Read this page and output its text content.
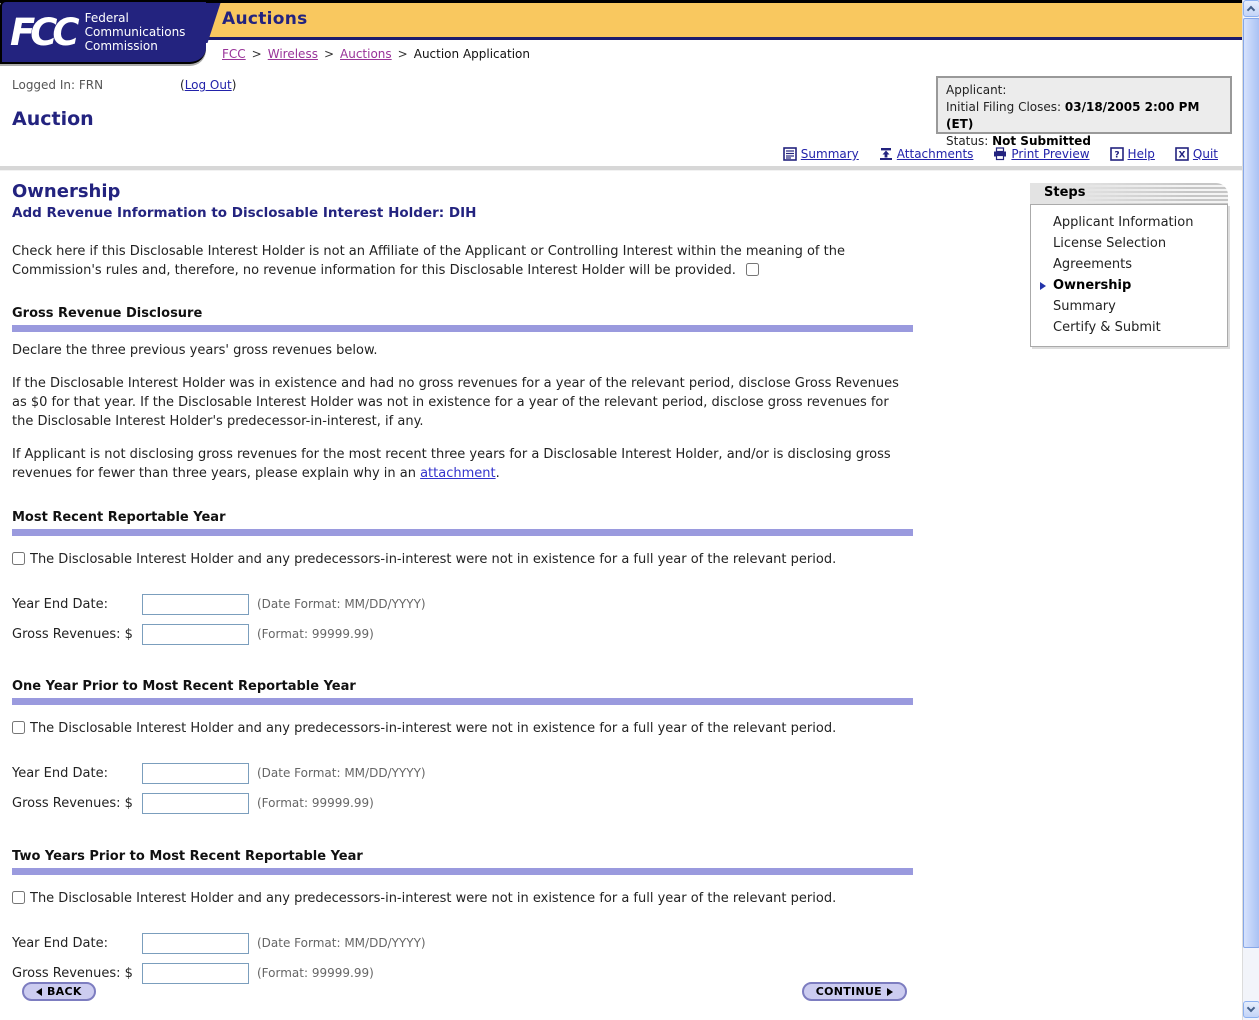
Auctions
FCC Federal
Communications
Commission
FCC > Wireless > Auctions > Auction Application
Logged In: FRN	(Log Out)
Auction
Applicant:
Initial Filing Closes: 03/18/2005 2:00 PM (ET)
Status: Not Submitted
Summary	Attachments	Print Preview	? Help	X Quit
Ownership
Add Revenue Information to Disclosable Interest Holder: DIH

Check here if this Disclosable Interest Holder is not an Affiliate of the Applicant or Controlling Interest within the meaning of the Commission's rules and, therefore, no revenue information for this Disclosable Interest Holder will be provided.

Gross Revenue Disclosure

Declare the three previous years' gross revenues below.

If the Disclosable Interest Holder was in existence and had no gross revenues for a year of the relevant period, disclose Gross Revenues as $0 for that year. If the Disclosable Interest Holder was not in existence for a year of the relevant period, disclose gross revenues for the Disclosable Interest Holder's predecessor-in-interest, if any.

If Applicant is not disclosing gross revenues for the most recent three years for a Disclosable Interest Holder, and/or is disclosing gross revenues for fewer than three years, please explain why in an attachment.

Most Recent Reportable Year
The Disclosable Interest Holder and any predecessors-in-interest were not in existence for a full year of the relevant period.
Year End Date:	(Date Format: MM/DD/YYYY)
Gross Revenues: $	(Format: 99999.99)
One Year Prior to Most Recent Reportable Year
The Disclosable Interest Holder and any predecessors-in-interest were not in existence for a full year of the relevant period.
Year End Date:	(Date Format: MM/DD/YYYY)
Gross Revenues: $	(Format: 99999.99)
Two Years Prior to Most Recent Reportable Year
The Disclosable Interest Holder and any predecessors-in-interest were not in existence for a full year of the relevant period.
Year End Date:	(Date Format: MM/DD/YYYY)
Gross Revenues: $	(Format: 99999.99)
Steps
Applicant Information
License Selection
Agreements
Ownership
Summary
Certify & Submit
BACK	CONTINUE
